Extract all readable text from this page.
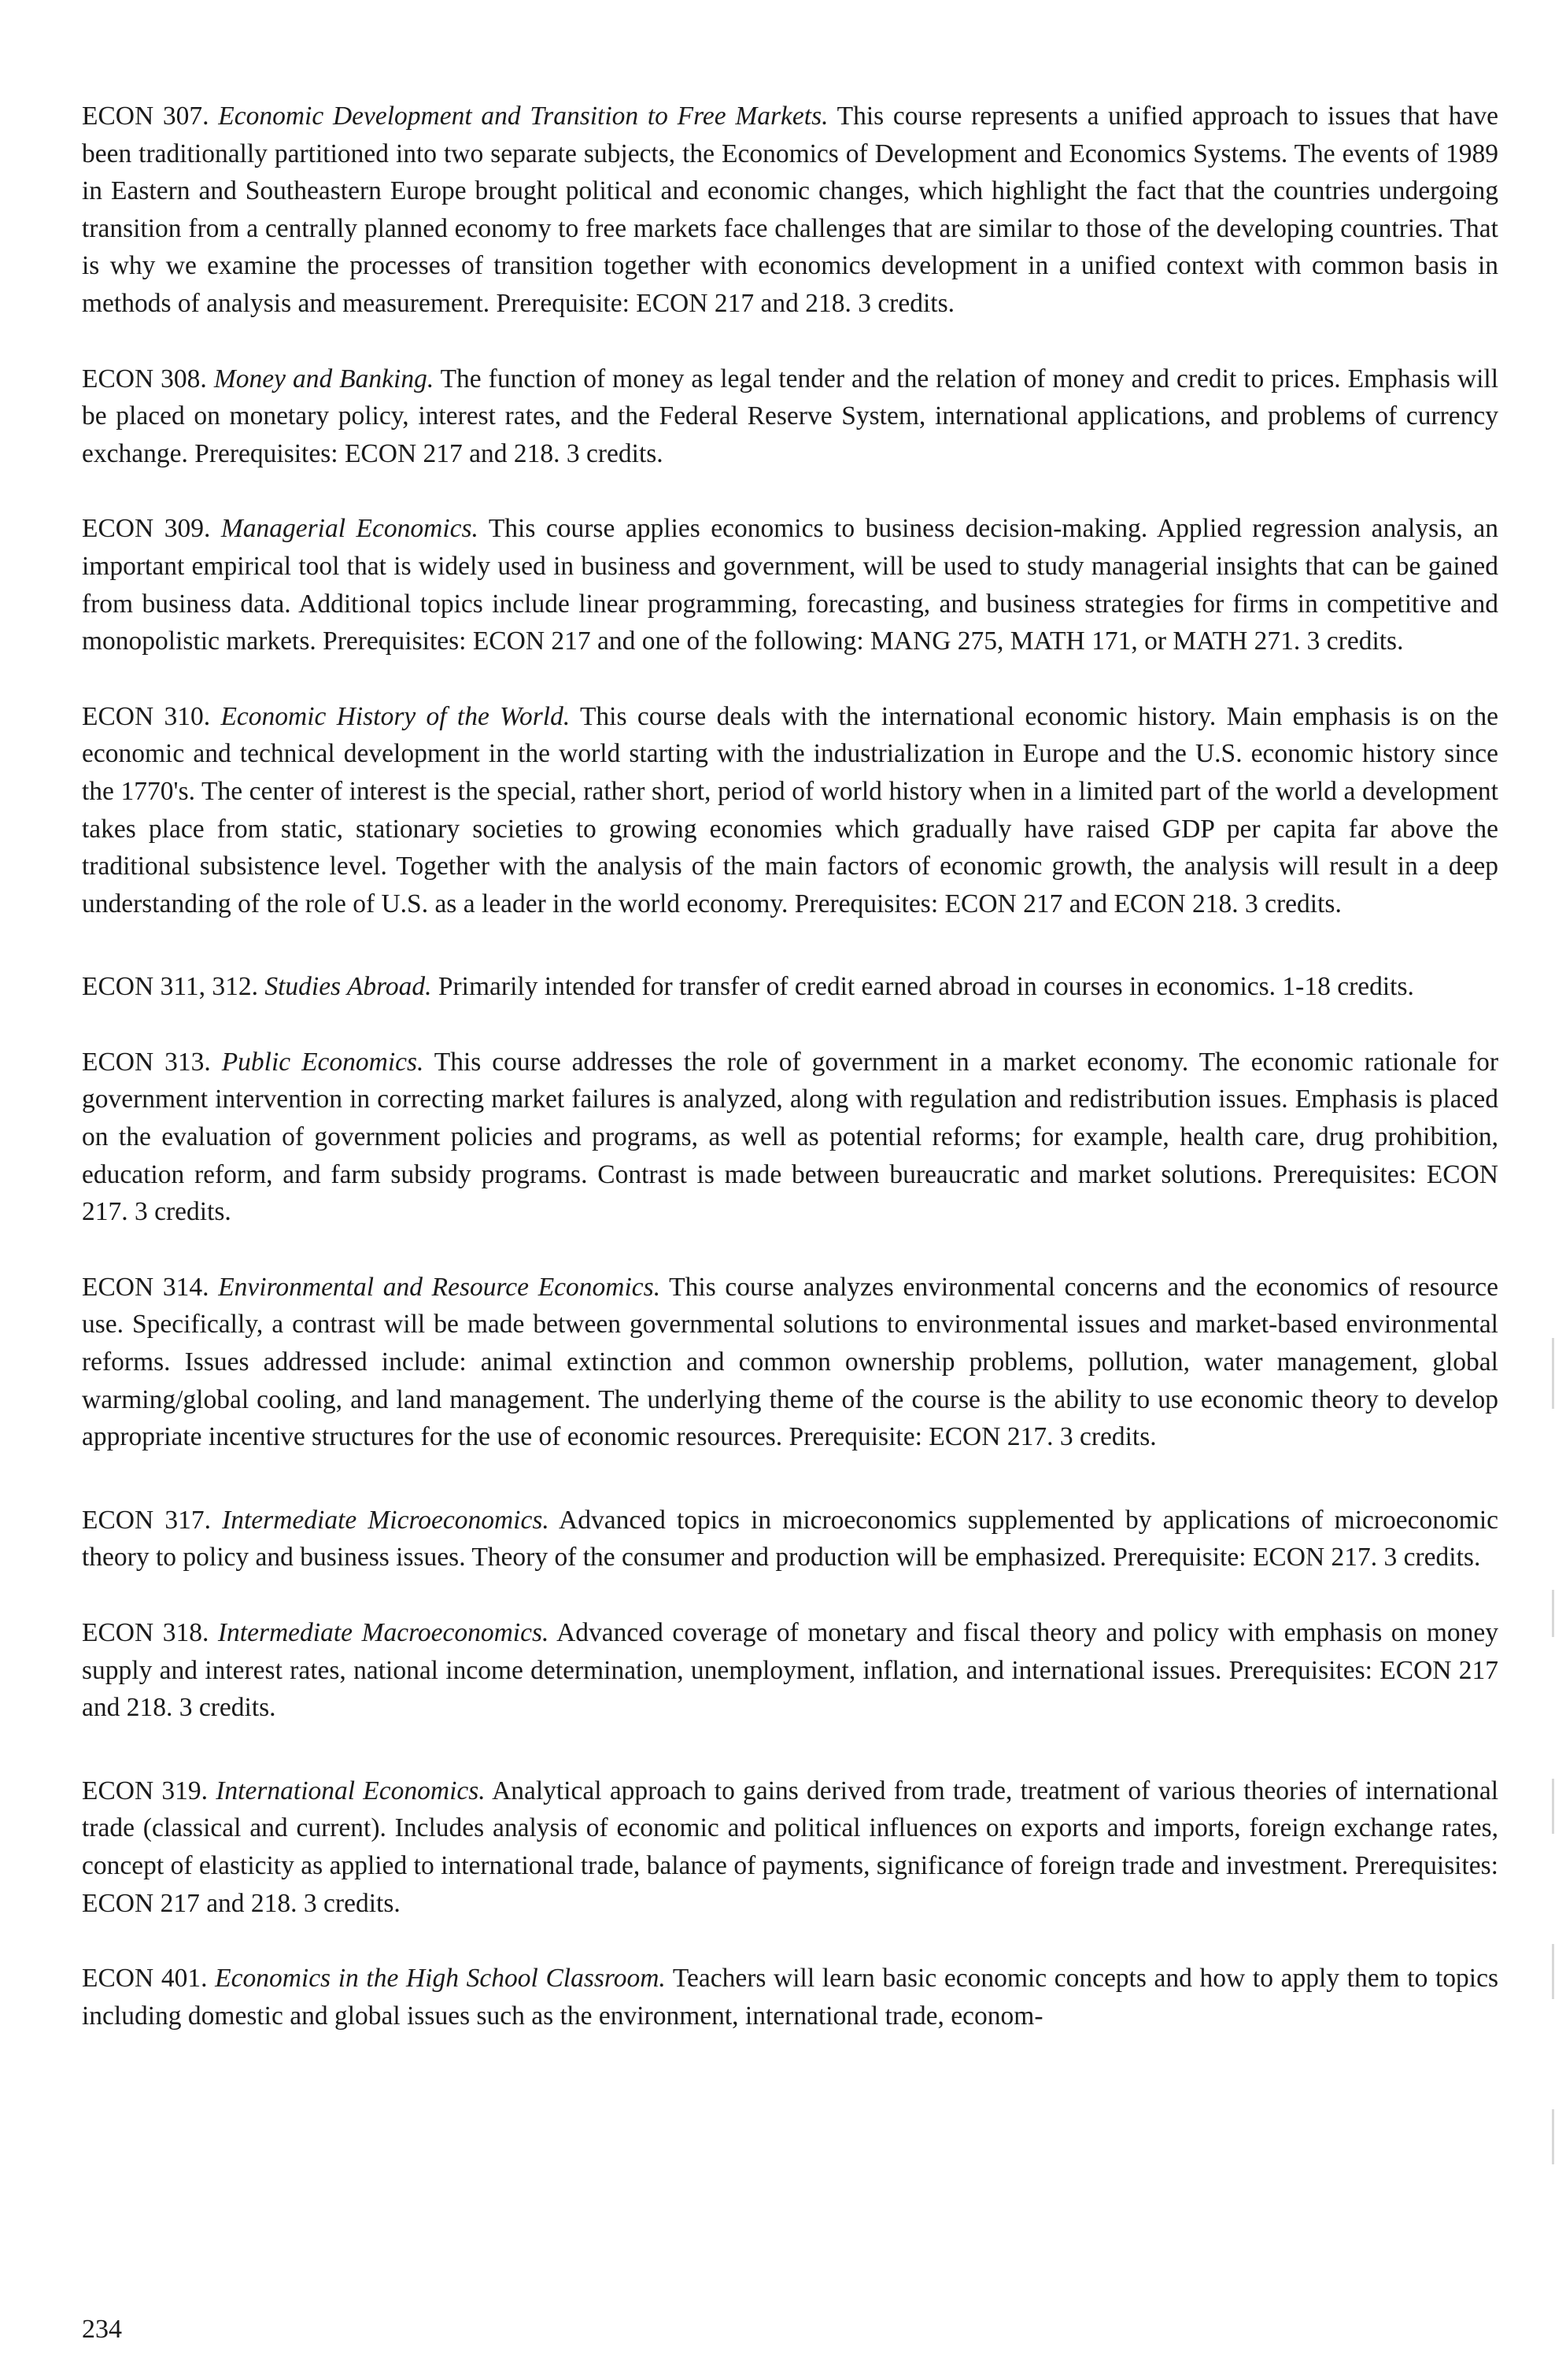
ECON 307. Economic Development and Transition to Free Markets. This course represents a unified approach to issues that have been traditionally partitioned into two separate subjects, the Economics of Development and Economics Systems. The events of 1989 in Eastern and Southeastern Europe brought political and economic changes, which highlight the fact that the countries undergoing transition from a centrally planned economy to free markets face challenges that are similar to those of the developing countries. That is why we examine the processes of transition together with economics development in a unified context with common basis in methods of analysis and measurement. Prerequisite: ECON 217 and 218. 3 credits.

ECON 308. Money and Banking. The function of money as legal tender and the relation of money and credit to prices. Emphasis will be placed on monetary policy, interest rates, and the Federal Reserve System, international applications, and problems of currency exchange. Prerequisites: ECON 217 and 218. 3 credits.

ECON 309. Managerial Economics. This course applies economics to business decision-making. Applied regression analysis, an important empirical tool that is widely used in business and government, will be used to study managerial insights that can be gained from business data. Additional topics include linear programming, forecasting, and business strategies for firms in competitive and monopolistic markets. Prerequisites: ECON 217 and one of the following: MANG 275, MATH 171, or MATH 271. 3 credits.

ECON 310. Economic History of the World. This course deals with the international economic history. Main emphasis is on the economic and technical development in the world starting with the industrialization in Europe and the U.S. economic history since the 1770's. The center of interest is the special, rather short, period of world history when in a limited part of the world a development takes place from static, stationary societies to growing economies which gradually have raised GDP per capita far above the traditional subsistence level. Together with the analysis of the main factors of economic growth, the analysis will result in a deep understanding of the role of U.S. as a leader in the world economy. Prerequisites: ECON 217 and ECON 218. 3 credits.

ECON 311, 312. Studies Abroad. Primarily intended for transfer of credit earned abroad in courses in economics. 1-18 credits.

ECON 313. Public Economics. This course addresses the role of government in a market economy. The economic rationale for government intervention in correcting market failures is analyzed, along with regulation and redistribution issues. Emphasis is placed on the evaluation of government policies and programs, as well as potential reforms; for example, health care, drug prohibition, education reform, and farm subsidy programs. Contrast is made between bureaucratic and market solutions. Prerequisites: ECON 217. 3 credits.

ECON 314. Environmental and Resource Economics. This course analyzes environmental concerns and the economics of resource use. Specifically, a contrast will be made between governmental solutions to environmental issues and market-based environmental reforms. Issues addressed include: animal extinction and common ownership problems, pollution, water management, global warming/global cooling, and land management. The underlying theme of the course is the ability to use economic theory to develop appropriate incentive structures for the use of economic resources. Prerequisite: ECON 217. 3 credits.

ECON 317. Intermediate Microeconomics. Advanced topics in microeconomics supplemented by applications of microeconomic theory to policy and business issues. Theory of the consumer and production will be emphasized. Prerequisite: ECON 217. 3 credits.

ECON 318. Intermediate Macroeconomics. Advanced coverage of monetary and fiscal theory and policy with emphasis on money supply and interest rates, national income determination, unemployment, inflation, and international issues. Prerequisites: ECON 217 and 218. 3 credits.

ECON 319. International Economics. Analytical approach to gains derived from trade, treatment of various theories of international trade (classical and current). Includes analysis of economic and political influences on exports and imports, foreign exchange rates, concept of elasticity as applied to international trade, balance of payments, significance of foreign trade and investment. Prerequisites: ECON 217 and 218. 3 credits.

ECON 401. Economics in the High School Classroom. Teachers will learn basic economic concepts and how to apply them to topics including domestic and global issues such as the environment, international trade, econom-

234
